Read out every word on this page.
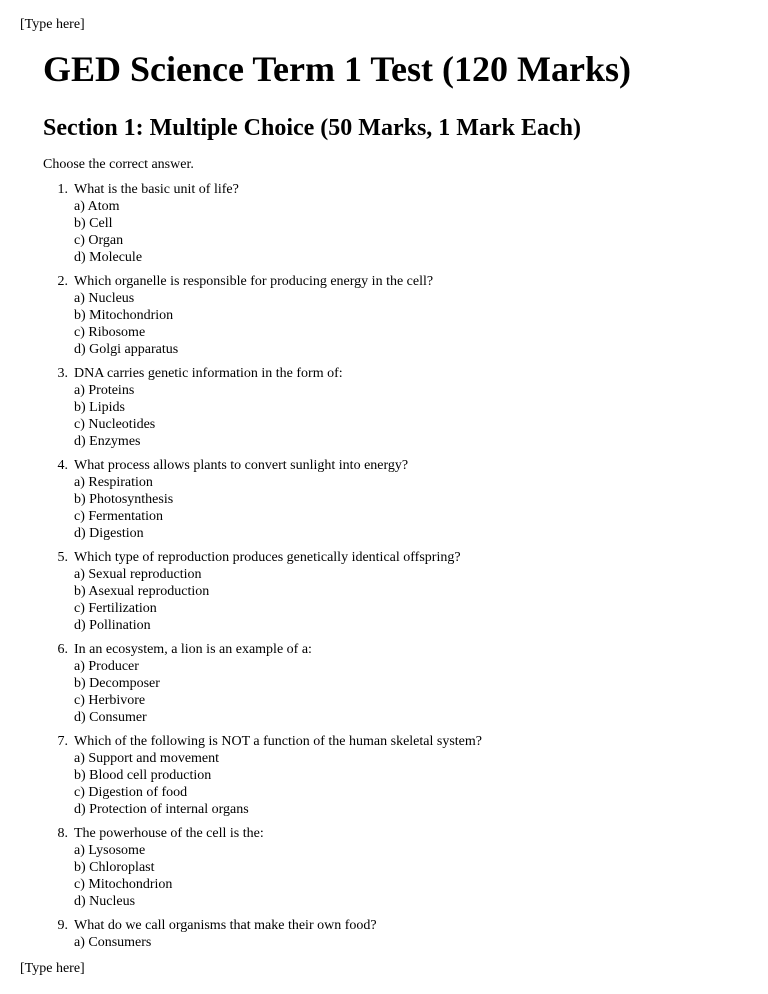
[Type here]
GED Science Term 1 Test (120 Marks)
Section 1: Multiple Choice (50 Marks, 1 Mark Each)

Choose the correct answer.

1. What is the basic unit of life?
a) Atom
b) Cell
c) Organ
d) Molecule
2. Which organelle is responsible for producing energy in the cell?
a) Nucleus
b) Mitochondrion
c) Ribosome
d) Golgi apparatus
3. DNA carries genetic information in the form of:
a) Proteins
b) Lipids
c) Nucleotides
d) Enzymes
4. What process allows plants to convert sunlight into energy?
a) Respiration
b) Photosynthesis
c) Fermentation
d) Digestion
5. Which type of reproduction produces genetically identical offspring?
a) Sexual reproduction
b) Asexual reproduction
c) Fertilization
d) Pollination
6. In an ecosystem, a lion is an example of a:
a) Producer
b) Decomposer
c) Herbivore
d) Consumer
7. Which of the following is NOT a function of the human skeletal system?
a) Support and movement
b) Blood cell production
c) Digestion of food
d) Protection of internal organs
8. The powerhouse of the cell is the:
a) Lysosome
b) Chloroplast
c) Mitochondrion
d) Nucleus
9. What do we call organisms that make their own food?
a) Consumers
[Type here]
